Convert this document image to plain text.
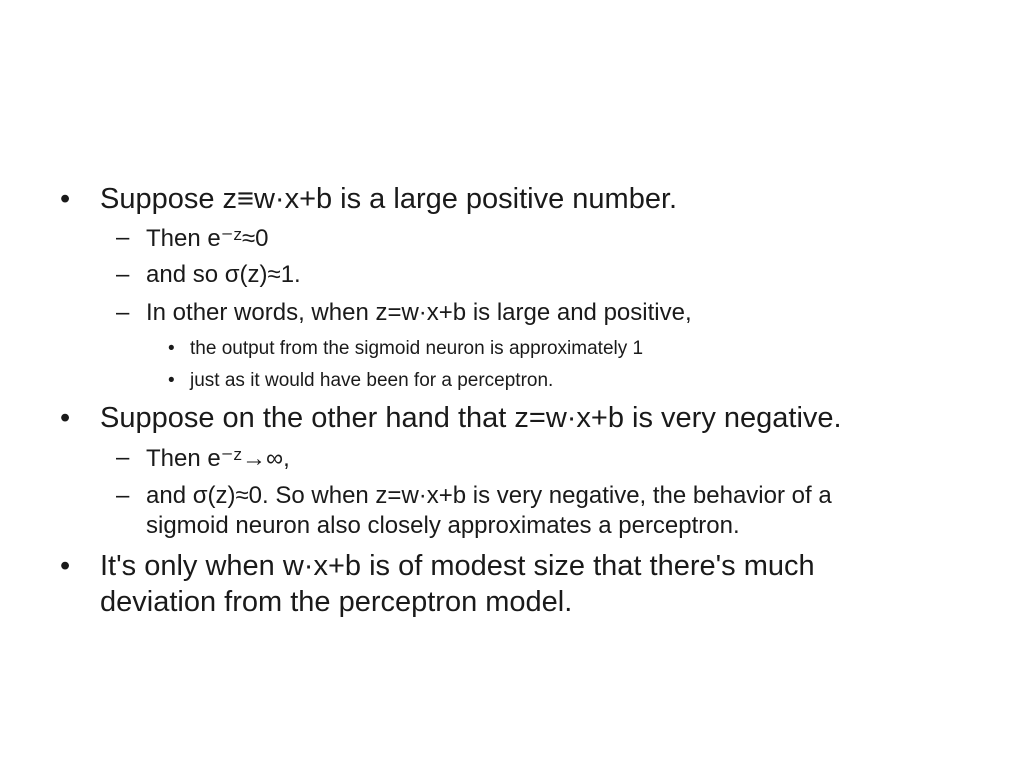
• Suppose z≡w·x+b is a large positive number.
– Then e⁻ᶻ≈0
– and so σ(z)≈1.
– In other words, when z=w·x+b is large and positive,
• the output from the sigmoid neuron is approximately 1
• just as it would have been for a perceptron.
• Suppose on the other hand that z=w·x+b is very negative.
– Then e⁻ᶻ→∞,
– and σ(z)≈0. So when z=w·x+b is very negative, the behavior of a
sigmoid neuron also closely approximates a perceptron.
• It's only when w·x+b is of modest size that there's much
deviation from the perceptron model.
